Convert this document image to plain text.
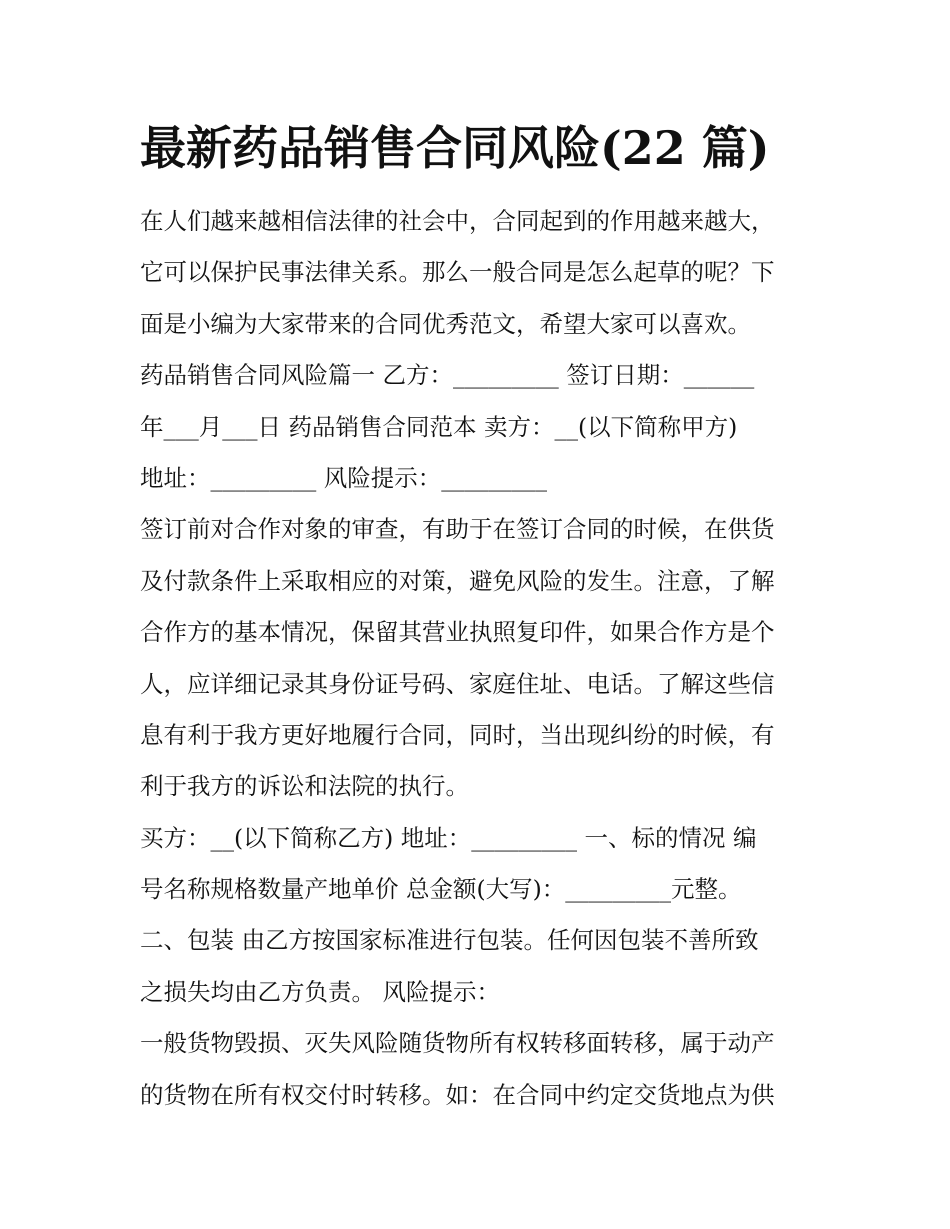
最新药品销售合同风险(22 篇)
在人们越来越相信法律的社会中，合同起到的作用越来越大，
它可以保护民事法律关系。那么一般合同是怎么起草的呢？下
面是小编为大家带来的合同优秀范文，希望大家可以喜欢。
药品销售合同风险篇一 乙方：_________ 签订日期：______
年___月___日 药品销售合同范本 卖方：__(以下简称甲方)
地址：_________ 风险提示：_________
签订前对合作对象的审查，有助于在签订合同的时候，在供货
及付款条件上采取相应的对策，避免风险的发生。注意，了解
合作方的基本情况，保留其营业执照复印件，如果合作方是个
人，应详细记录其身份证号码、家庭住址、电话。了解这些信
息有利于我方更好地履行合同，同时，当出现纠纷的时候，有
利于我方的诉讼和法院的执行。
买方：__(以下简称乙方) 地址：_________ 一、标的情况 编
号名称规格数量产地单价 总金额(大写)：_________元整。
二、包装 由乙方按国家标准进行包装。任何因包装不善所致
之损失均由乙方负责。 风险提示：
一般货物毁损、灭失风险随货物所有权转移面转移，属于动产
的货物在所有权交付时转移。如：在合同中约定交货地点为供
